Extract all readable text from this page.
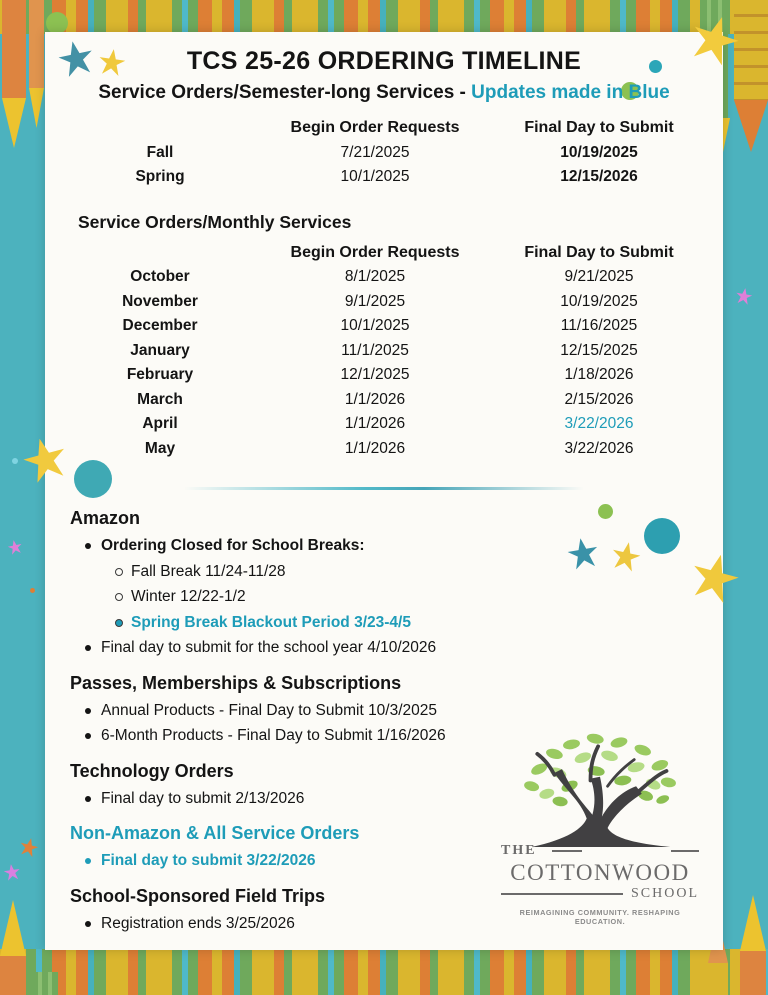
TCS 25-26 ORDERING TIMELINE
Service Orders/Semester-long Services - Updates made in Blue
Begin Order Requests	Final Day to Submit
Fall	7/21/2025	10/19/2025
Spring	10/1/2025	12/15/2026
Service Orders/Monthly Services
Begin Order Requests	Final Day to Submit
October	8/1/2025	9/21/2025
November	9/1/2025	10/19/2025
December	10/1/2025	11/16/2025
January	11/1/2025	12/15/2025
February	12/1/2025	1/18/2026
March	1/1/2026	2/15/2026
April	1/1/2026	3/22/2026
May	1/1/2026	3/22/2026
Amazon
Ordering Closed for School Breaks:
Fall Break 11/24-11/28
Winter 12/22-1/2
Spring Break Blackout Period 3/23-4/5
Final day to submit for the school year 4/10/2026
Passes, Memberships & Subscriptions
Annual Products - Final Day to Submit 10/3/2025
6-Month Products - Final Day to Submit 1/16/2026
Technology Orders
Final day to submit 2/13/2026
Non-Amazon & All Service Orders
Final day to submit 3/22/2026
School-Sponsored Field Trips
Registration ends 3/25/2026
THE
COTTONWOOD
SCHOOL
REIMAGINING COMMUNITY. RESHAPING EDUCATION.
